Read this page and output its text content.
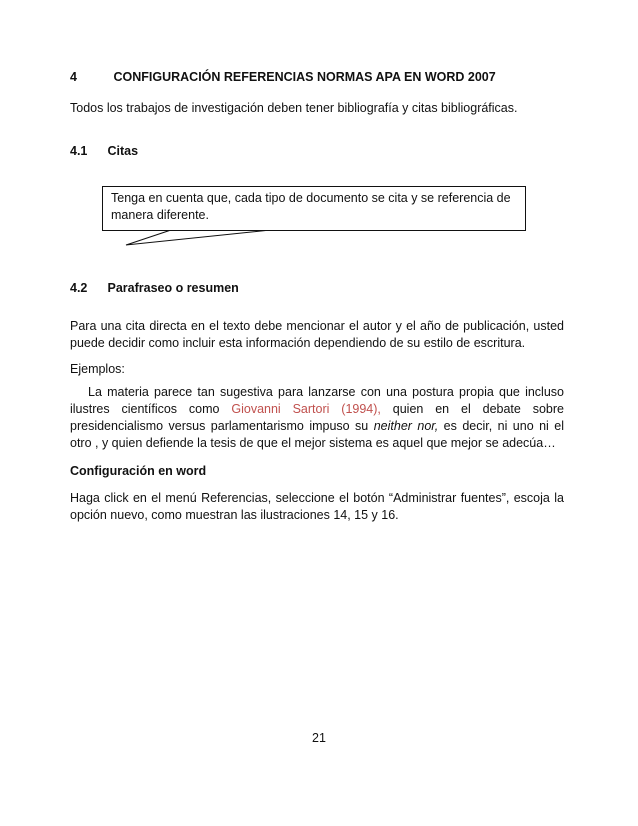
4	CONFIGURACIÓN REFERENCIAS NORMAS APA EN WORD 2007
Todos los trabajos de investigación deben tener bibliografía y citas bibliográficas.
4.1 Citas
Tenga en cuenta que, cada tipo de documento se cita y se referencia de
manera diferente.
4.2 Parafraseo o resumen
Para una cita directa en el texto debe mencionar el autor y el año de publicación, usted
puede decidir como incluir esta información dependiendo de su estilo de escritura.
Ejemplos:
La materia parece tan sugestiva para lanzarse con una postura propia que incluso
ilustres científicos como Giovanni Sartori (1994), quien en el debate sobre
presidencialismo versus parlamentarismo impuso su neither nor, es decir, ni uno ni el
otro , y quien defiende la tesis de que el mejor sistema es aquel que mejor se adecúa…
Configuración en word
Haga click en el menú Referencias, seleccione el botón “Administrar fuentes”, escoja la
opción nuevo, como muestran las ilustraciones 14, 15 y 16.
21
